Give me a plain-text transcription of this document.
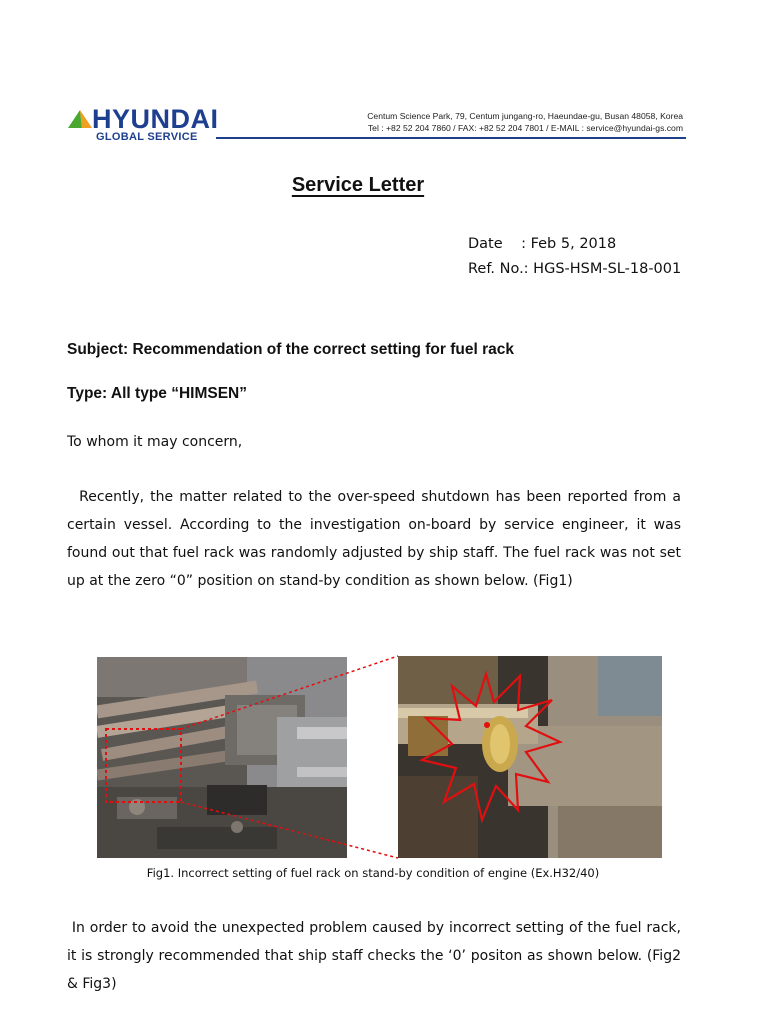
HYUNDAI
GLOBAL SERVICE
Centum Science Park, 79, Centum jungang-ro, Haeundae-gu, Busan 48058, Korea
Tel : +82 52 204 7860 / FAX: +82 52 204 7801 / E-MAIL : service@hyundai-gs.com
Service Letter
Date    : Feb 5, 2018
Ref. No.: HGS-HSM-SL-18-001
Subject: Recommendation of the correct setting for fuel rack
Type: All type “HIMSEN”
To whom it may concern,
Recently, the matter related to the over-speed shutdown has been reported from a certain vessel. According to the investigation on-board by service engineer, it was found out that fuel rack was randomly adjusted by ship staff. The fuel rack was not set up at the zero “0” position on stand-by condition as shown below. (Fig1)
Fig1. Incorrect setting of fuel rack on stand-by condition of engine (Ex.H32/40)
In order to avoid the unexpected problem caused by incorrect setting of the fuel rack, it is strongly recommended that ship staff checks the ‘0’ positon as shown below. (Fig2 & Fig3)
